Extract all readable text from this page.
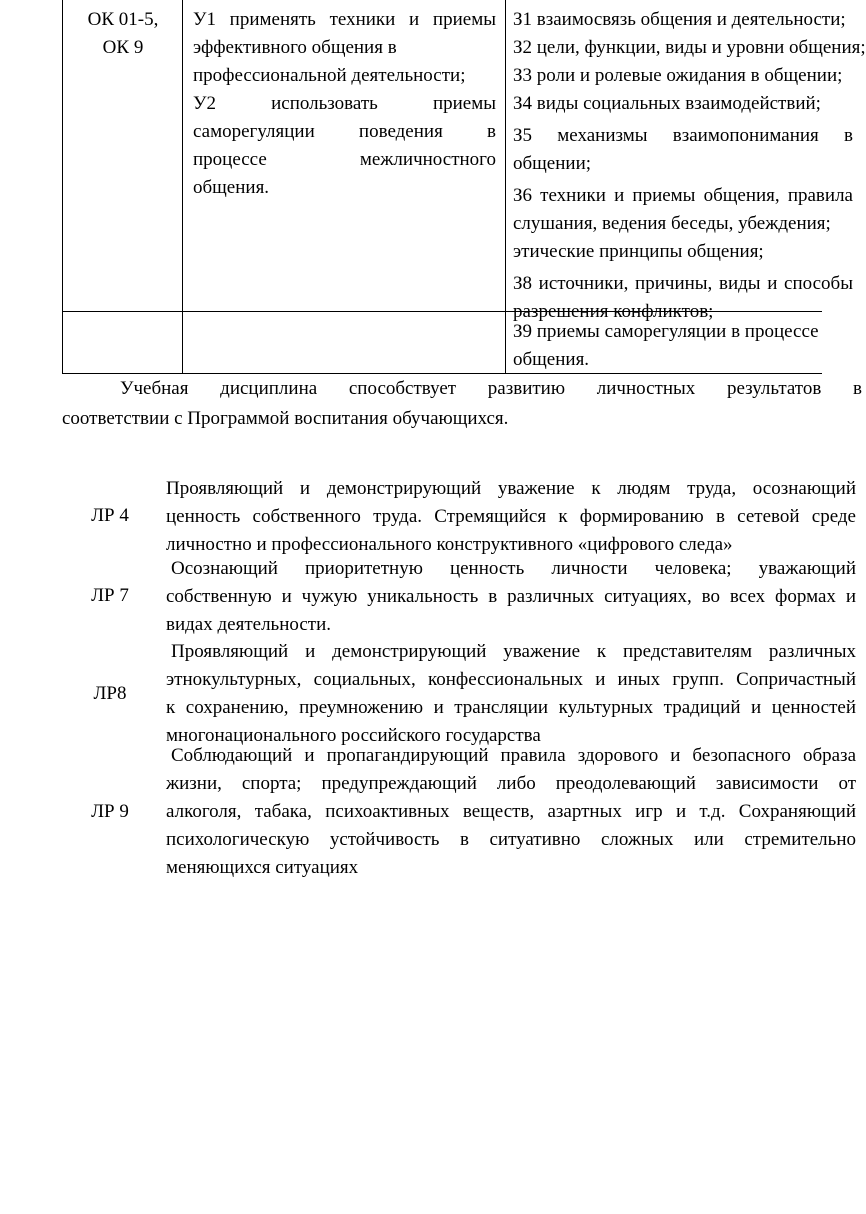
ОК 01-5,
ОК 9
У1 применять техники и приемы
эффективного общения в
профессиональной деятельности;
У2 использовать приемы
саморегуляции поведения в
процессе межличностного
общения.
З1 взаимосвязь общения и деятельности;
З2 цели, функции, виды и уровни общения;
З3 роли и ролевые ожидания в общении;
З4 виды социальных взаимодействий;
З5 механизмы взаимопонимания в
общении;
З6 техники и приемы общения, правила
слушания, ведения беседы, убеждения;
этические принципы общения;
З8 источники, причины, виды и способы
разрешения конфликтов;
З9 приемы саморегуляции в процессе
общения.
Учебная дисциплина способствует развитию личностных результатов в
соответствии с Программой воспитания обучающихся.
ЛР 4
Проявляющий и демонстрирующий уважение к людям труда, осознающий
ценность собственного труда. Стремящийся к формированию в сетевой среде
личностно и профессионального конструктивного «цифрового следа»
ЛР 7
Осознающий приоритетную ценность личности человека; уважающий
собственную и чужую уникальность в различных ситуациях, во всех формах и
видах деятельности.
ЛР8
Проявляющий и демонстрирующий уважение к представителям различных
этнокультурных, социальных, конфессиональных и иных групп. Сопричастный
к сохранению, преумножению и трансляции культурных традиций и ценностей
многонационального российского государства
ЛР 9
Соблюдающий и пропагандирующий правила здорового и безопасного образа
жизни, спорта; предупреждающий либо преодолевающий зависимости от
алкоголя, табака, психоактивных веществ, азартных игр и т.д. Сохраняющий
психологическую устойчивость в ситуативно сложных или стремительно
меняющихся ситуациях
